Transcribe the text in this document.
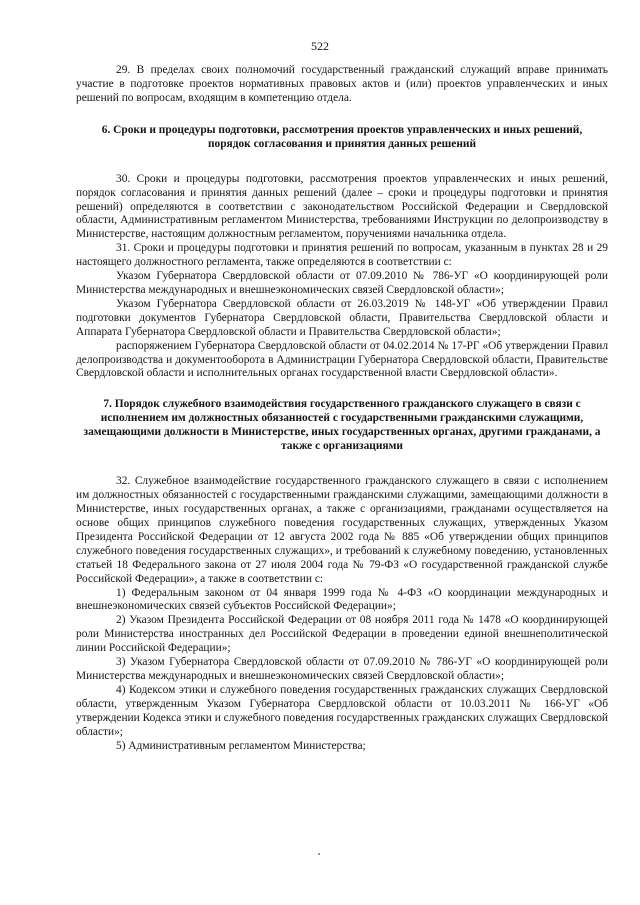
522

29. В пределах своих полномочий государственный гражданский служащий вправе принимать участие в подготовке проектов нормативных правовых актов и (или) проектов управленческих и иных решений по вопросам, входящим в компетенцию отдела.

6. Сроки и процедуры подготовки, рассмотрения проектов управленческих и иных решений, порядок согласования и принятия данных решений

30. Сроки и процедуры подготовки, рассмотрения проектов управленческих и иных решений, порядок согласования и принятия данных решений (далее – сроки и процедуры подготовки и принятия решений) определяются в соответствии с законодательством Российской Федерации и Свердловской области, Административным регламентом Министерства, требованиями Инструкции по делопроизводству в Министерстве, настоящим должностным регламентом, поручениями начальника отдела.

31. Сроки и процедуры подготовки и принятия решений по вопросам, указанным в пунктах 28 и 29 настоящего должностного регламента, также определяются в соответствии с:

Указом Губернатора Свердловской области от 07.09.2010 № 786-УГ «О координирующей роли Министерства международных и внешнеэкономических связей Свердловской области»;

Указом Губернатора Свердловской области от 26.03.2019 № 148-УГ «Об утверждении Правил подготовки документов Губернатора Свердловской области, Правительства Свердловской области и Аппарата Губернатора Свердловской области и Правительства Свердловской области»;

распоряжением Губернатора Свердловской области от 04.02.2014 № 17-РГ «Об утверждении Правил делопроизводства и документооборота в Администрации Губернатора Свердловской области, Правительстве Свердловской области и исполнительных органах государственной власти Свердловской области».

7. Порядок служебного взаимодействия государственного гражданского служащего в связи с исполнением им должностных обязанностей с государственными гражданскими служащими, замещающими должности в Министерстве, иных государственных органах, другими гражданами, а также с организациями

32. Служебное взаимодействие государственного гражданского служащего в связи с исполнением им должностных обязанностей с государственными гражданскими служащими, замещающими должности в Министерстве, иных государственных органах, а также с организациями, гражданами осуществляется на основе общих принципов служебного поведения государственных служащих, утвержденных Указом Президента Российской Федерации от 12 августа 2002 года № 885 «Об утверждении общих принципов служебного поведения государственных служащих», и требований к служебному поведению, установленных статьей 18 Федерального закона от 27 июля 2004 года № 79-ФЗ «О государственной гражданской службе Российской Федерации», а также в соответствии с:

1) Федеральным законом от 04 января 1999 года № 4-ФЗ «О координации международных и внешнеэкономических связей субъектов Российской Федерации»;

2) Указом Президента Российской Федерации от 08 ноября 2011 года № 1478 «О координирующей роли Министерства иностранных дел Российской Федерации в проведении единой внешнеполитической линии Российской Федерации»;

3) Указом Губернатора Свердловской области от 07.09.2010 № 786-УГ «О координирующей роли Министерства международных и внешнеэкономических связей Свердловской области»;

4) Кодексом этики и служебного поведения государственных гражданских служащих Свердловской области, утвержденным Указом Губернатора Свердловской области от 10.03.2011 № 166-УГ «Об утверждении Кодекса этики и служебного поведения государственных гражданских служащих Свердловской области»;

5) Административным регламентом Министерства;
